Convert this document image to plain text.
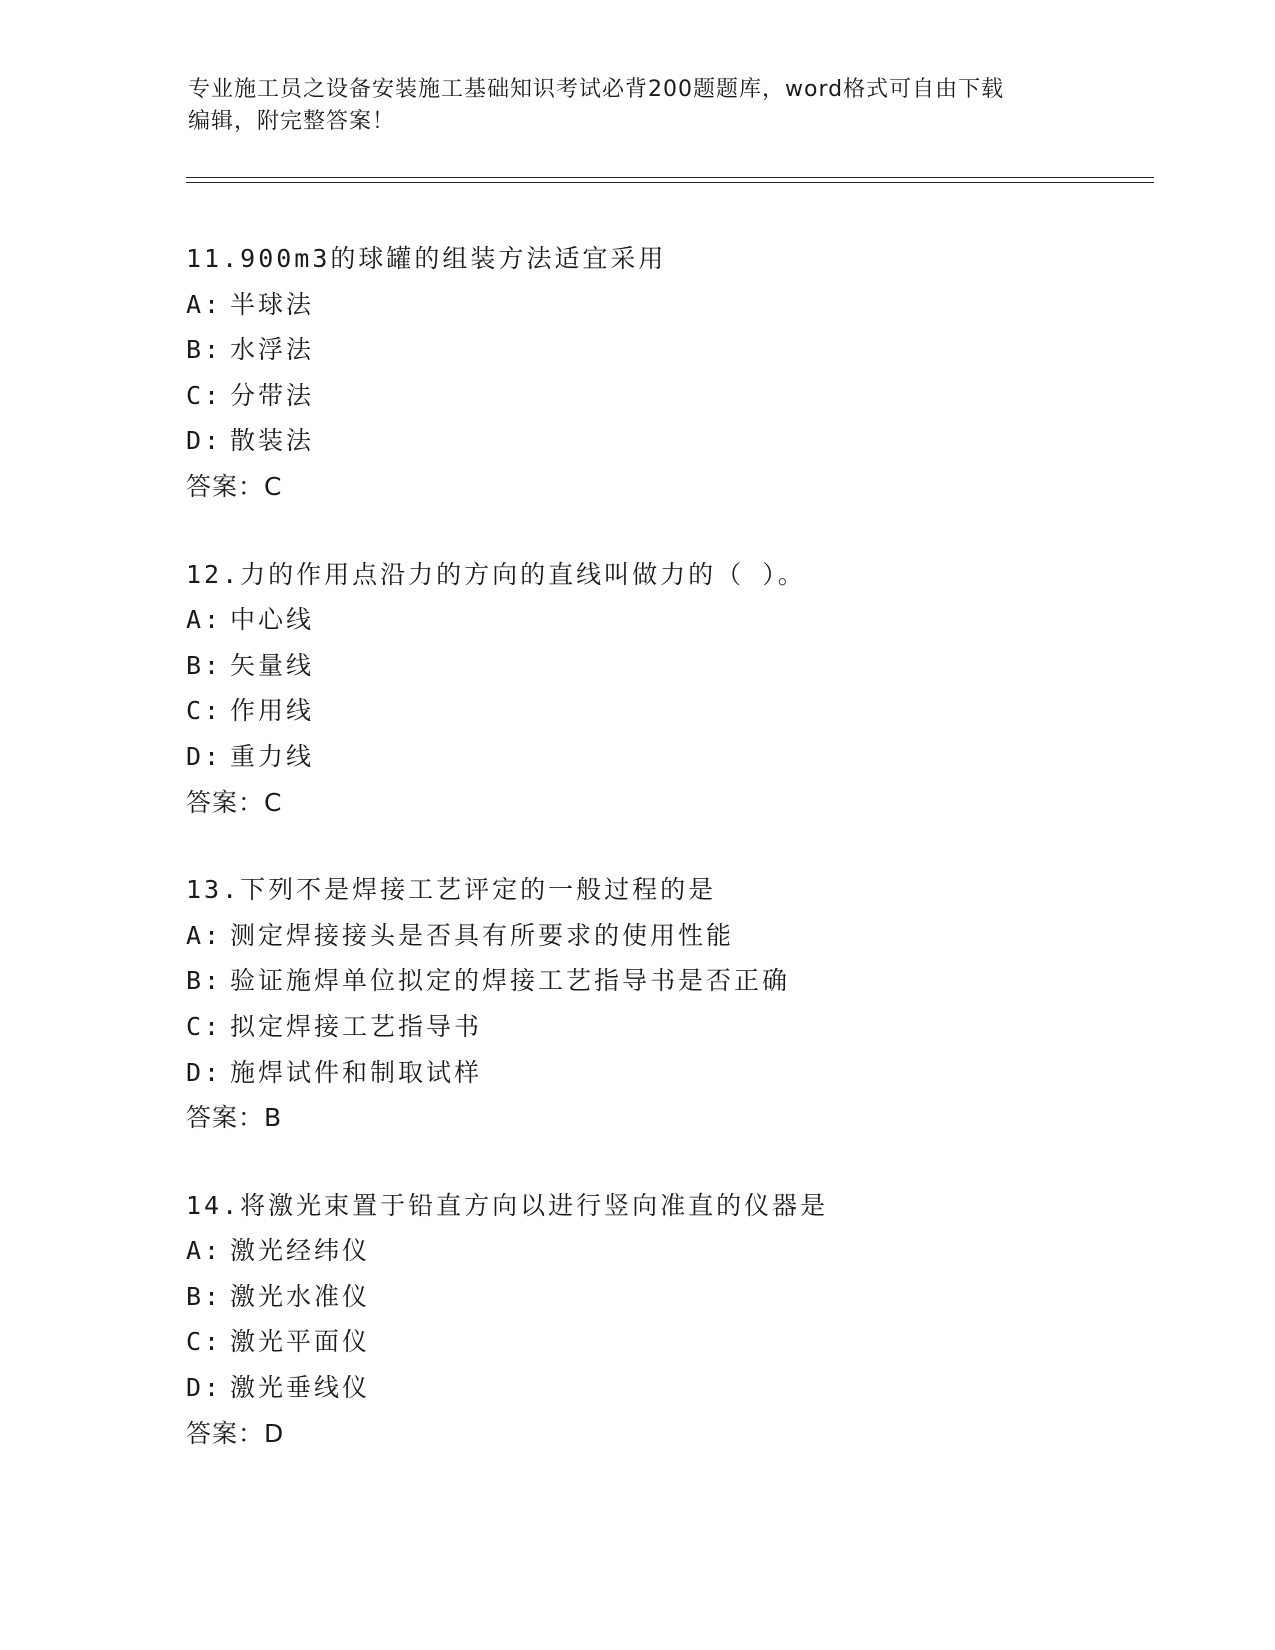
专业施工员之设备安装施工基础知识考试必背200题题库，word格式可自由下载
编辑，附完整答案！
11.900m3的球罐的组装方法适宜采用
A: 半球法
B: 水浮法
C: 分带法
D: 散装法
答案：C
12.力的作用点沿力的方向的直线叫做力的（ ）。
A: 中心线
B: 矢量线
C: 作用线
D: 重力线
答案：C
13.下列不是焊接工艺评定的一般过程的是
A: 测定焊接接头是否具有所要求的使用性能
B: 验证施焊单位拟定的焊接工艺指导书是否正确
C: 拟定焊接工艺指导书
D: 施焊试件和制取试样
答案：B
14.将激光束置于铅直方向以进行竖向准直的仪器是
A: 激光经纬仪
B: 激光水准仪
C: 激光平面仪
D: 激光垂线仪
答案：D
